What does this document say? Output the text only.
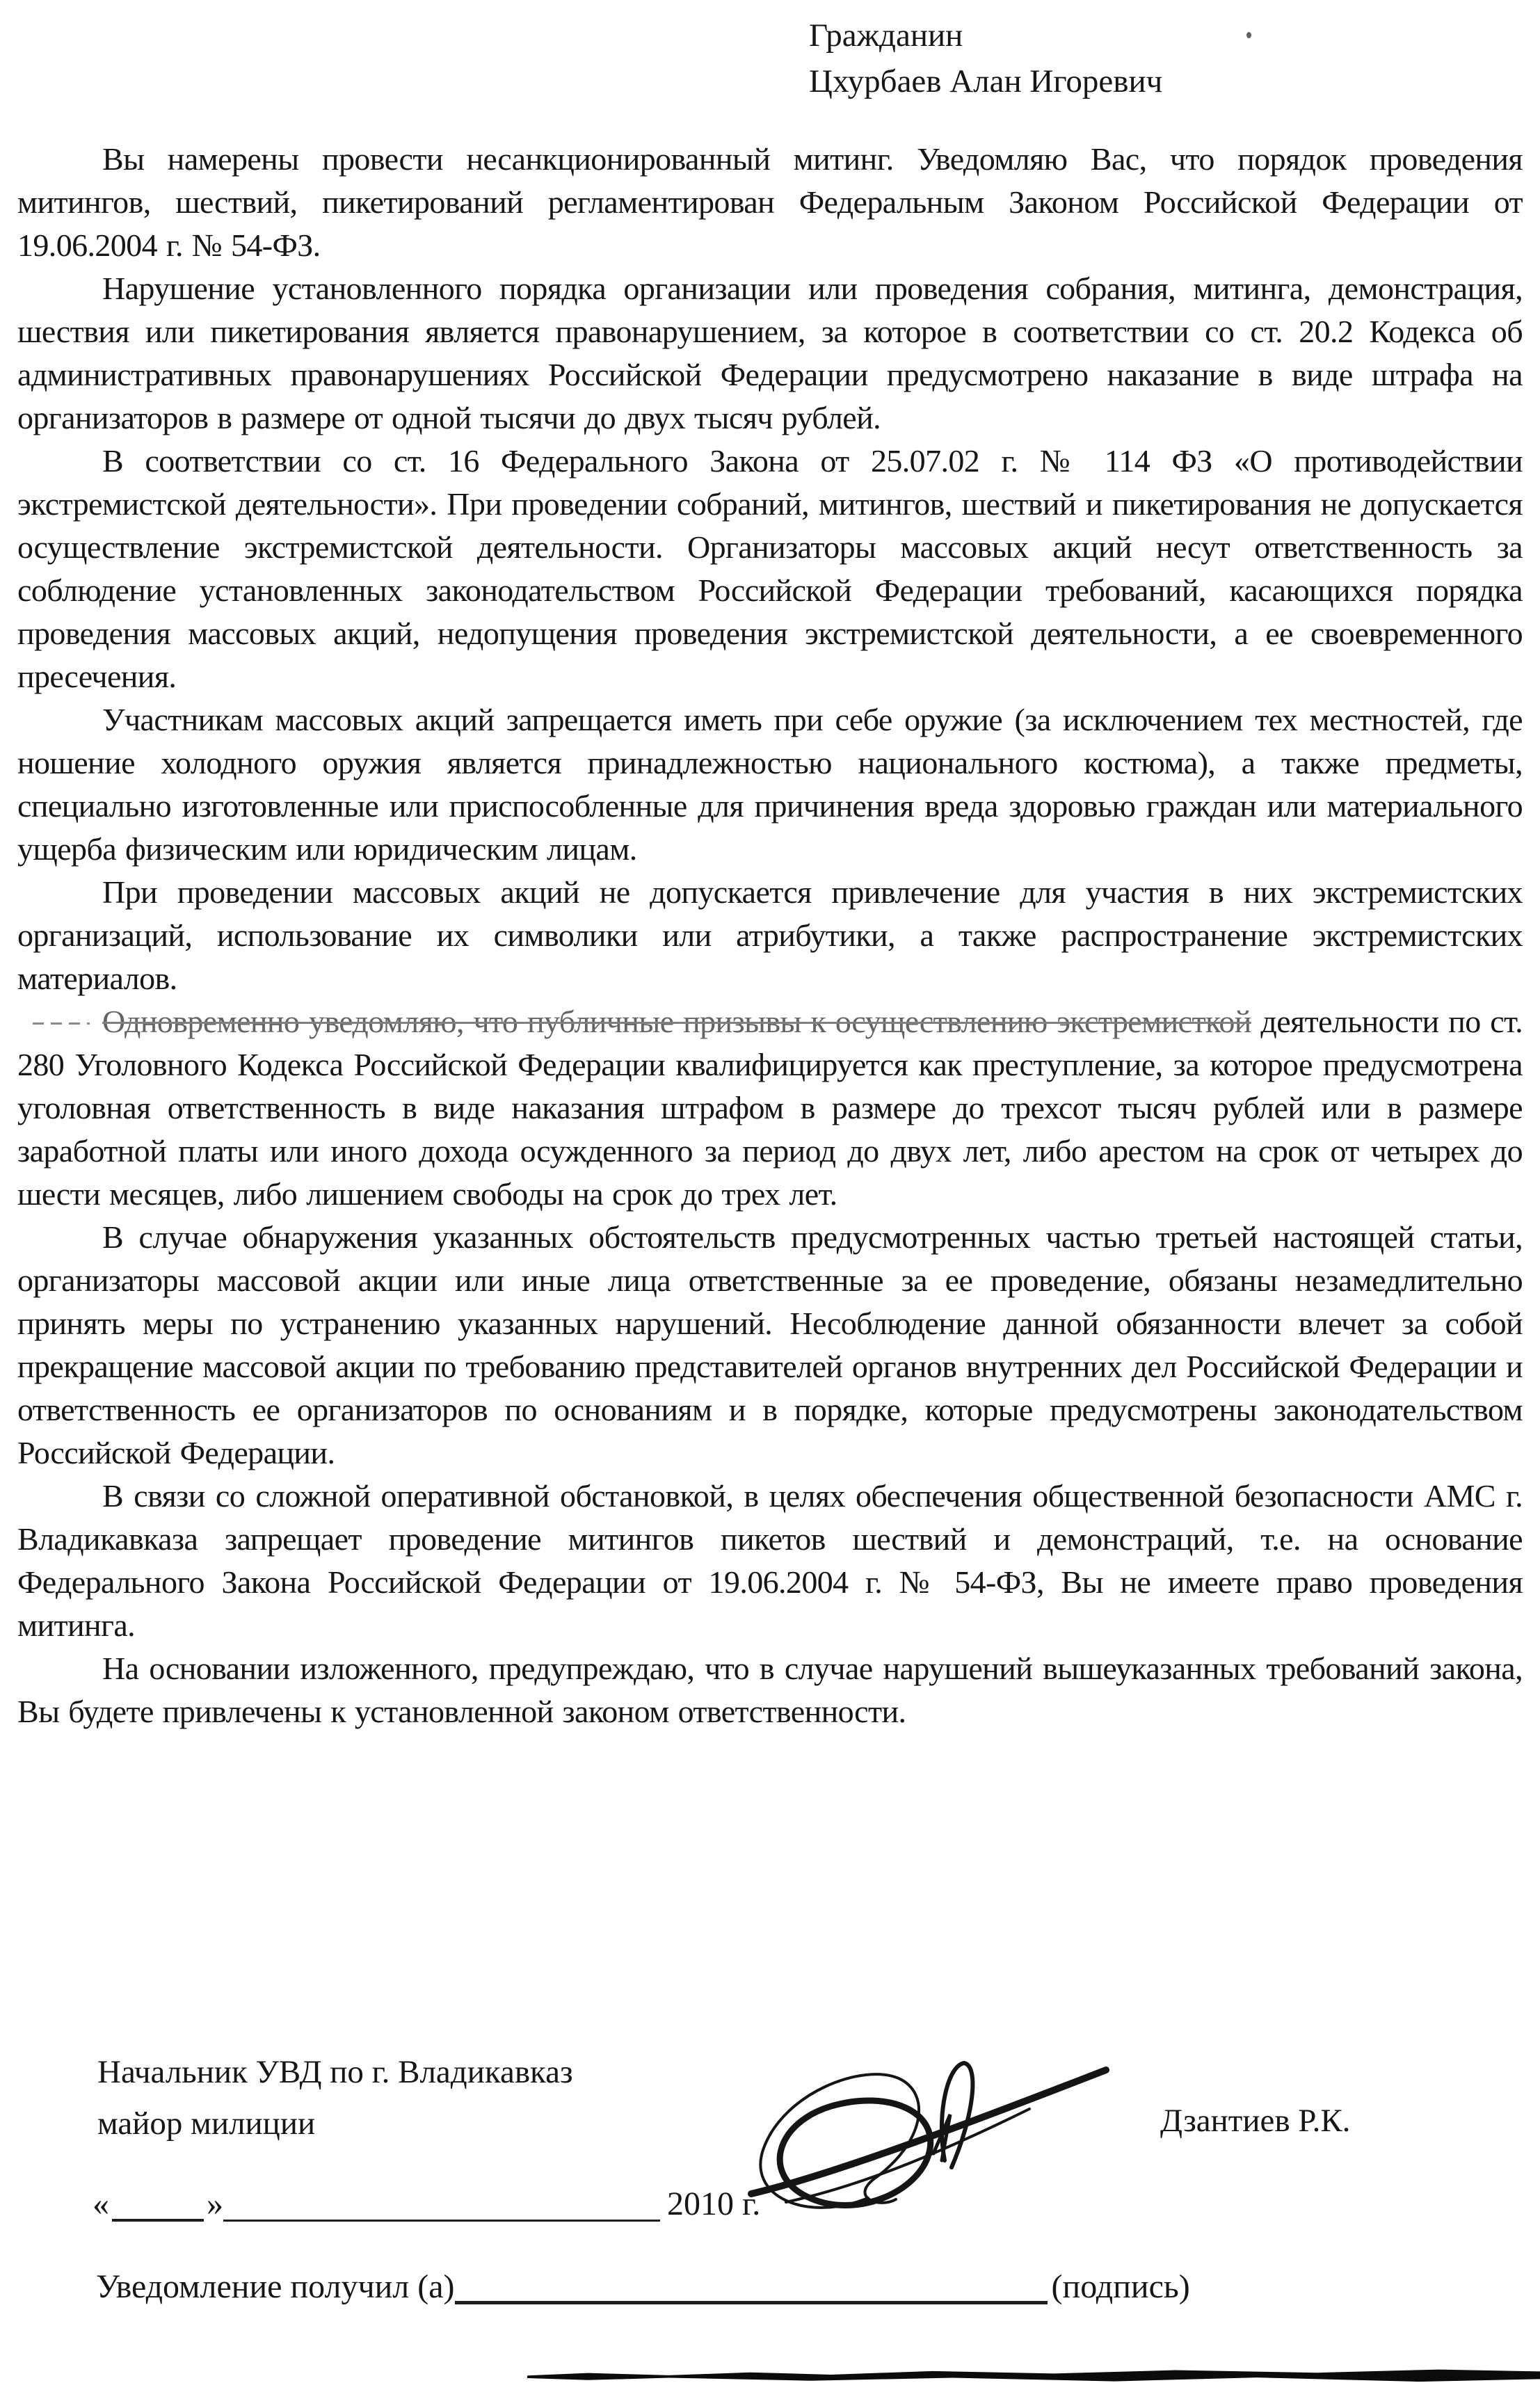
Гражданин
Цхурбаев Алан Игоревич

Вы намерены провести несанкционированный митинг. Уведомляю Вас, что порядок проведения митингов, шествий, пикетирований регламентирован Федеральным Законом Российской Федерации от 19.06.2004 г. № 54-ФЗ.

Нарушение установленного порядка организации или проведения собрания, митинга, демонстрация, шествия или пикетирования является правонарушением, за которое в соответствии со ст. 20.2 Кодекса об административных правонарушениях Российской Федерации предусмотрено наказание в виде штрафа на организаторов в размере от одной тысячи до двух тысяч рублей.

В соответствии со ст. 16 Федерального Закона от 25.07.02 г. № 114 ФЗ «О противодействии экстремистской деятельности». При проведении собраний, митингов, шествий и пикетирования не допускается осуществление экстремистской деятельности. Организаторы массовых акций несут ответственность за соблюдение установленных законодательством Российской Федерации требований, касающихся порядка проведения массовых акций, недопущения проведения экстремистской деятельности, а ее своевременного пресечения.

Участникам массовых акций запрещается иметь при себе оружие (за исключением тех местностей, где ношение холодного оружия является принадлежностью национального костюма), а также предметы, специально изготовленные или приспособленные для причинения вреда здоровью граждан или материального ущерба физическим или юридическим лицам.

При проведении массовых акций не допускается привлечение для участия в них экстремистских организаций, использование их символики или атрибутики, а также распространение экстремистских материалов.

Одновременно уведомляю, что публичные призывы к осуществлению экстремисткой деятельности по ст. 280 Уголовного Кодекса Российской Федерации квалифицируется как преступление, за которое предусмотрена уголовная ответственность в виде наказания штрафом в размере до трехсот тысяч рублей или в размере заработной платы или иного дохода осужденного за период до двух лет, либо арестом на срок от четырех до шести месяцев, либо лишением свободы на срок до трех лет.

В случае обнаружения указанных обстоятельств предусмотренных частью третьей настоящей статьи, организаторы массовой акции или иные лица ответственные за ее проведение, обязаны незамедлительно принять меры по устранению указанных нарушений. Несоблюдение данной обязанности влечет за собой прекращение массовой акции по требованию представителей органов внутренних дел Российской Федерации и ответственность ее организаторов по основаниям и в порядке, которые предусмотрены законодательством Российской Федерации.

В связи со сложной оперативной обстановкой, в целях обеспечения общественной безопасности АМС г. Владикавказа запрещает проведение митингов пикетов шествий и демонстраций, т.е. на основание Федерального Закона Российской Федерации от 19.06.2004 г. № 54-ФЗ, Вы не имеете право проведения митинга.

На основании изложенного, предупреждаю, что в случае нарушений вышеуказанных требований закона, Вы будете привлечены к установленной законом ответственности.

Начальник УВД по г. Владикавказ
майор милиции	Дзантиев Р.К.
«	»	2010 г.
Уведомление получил (а)	(подпись)
